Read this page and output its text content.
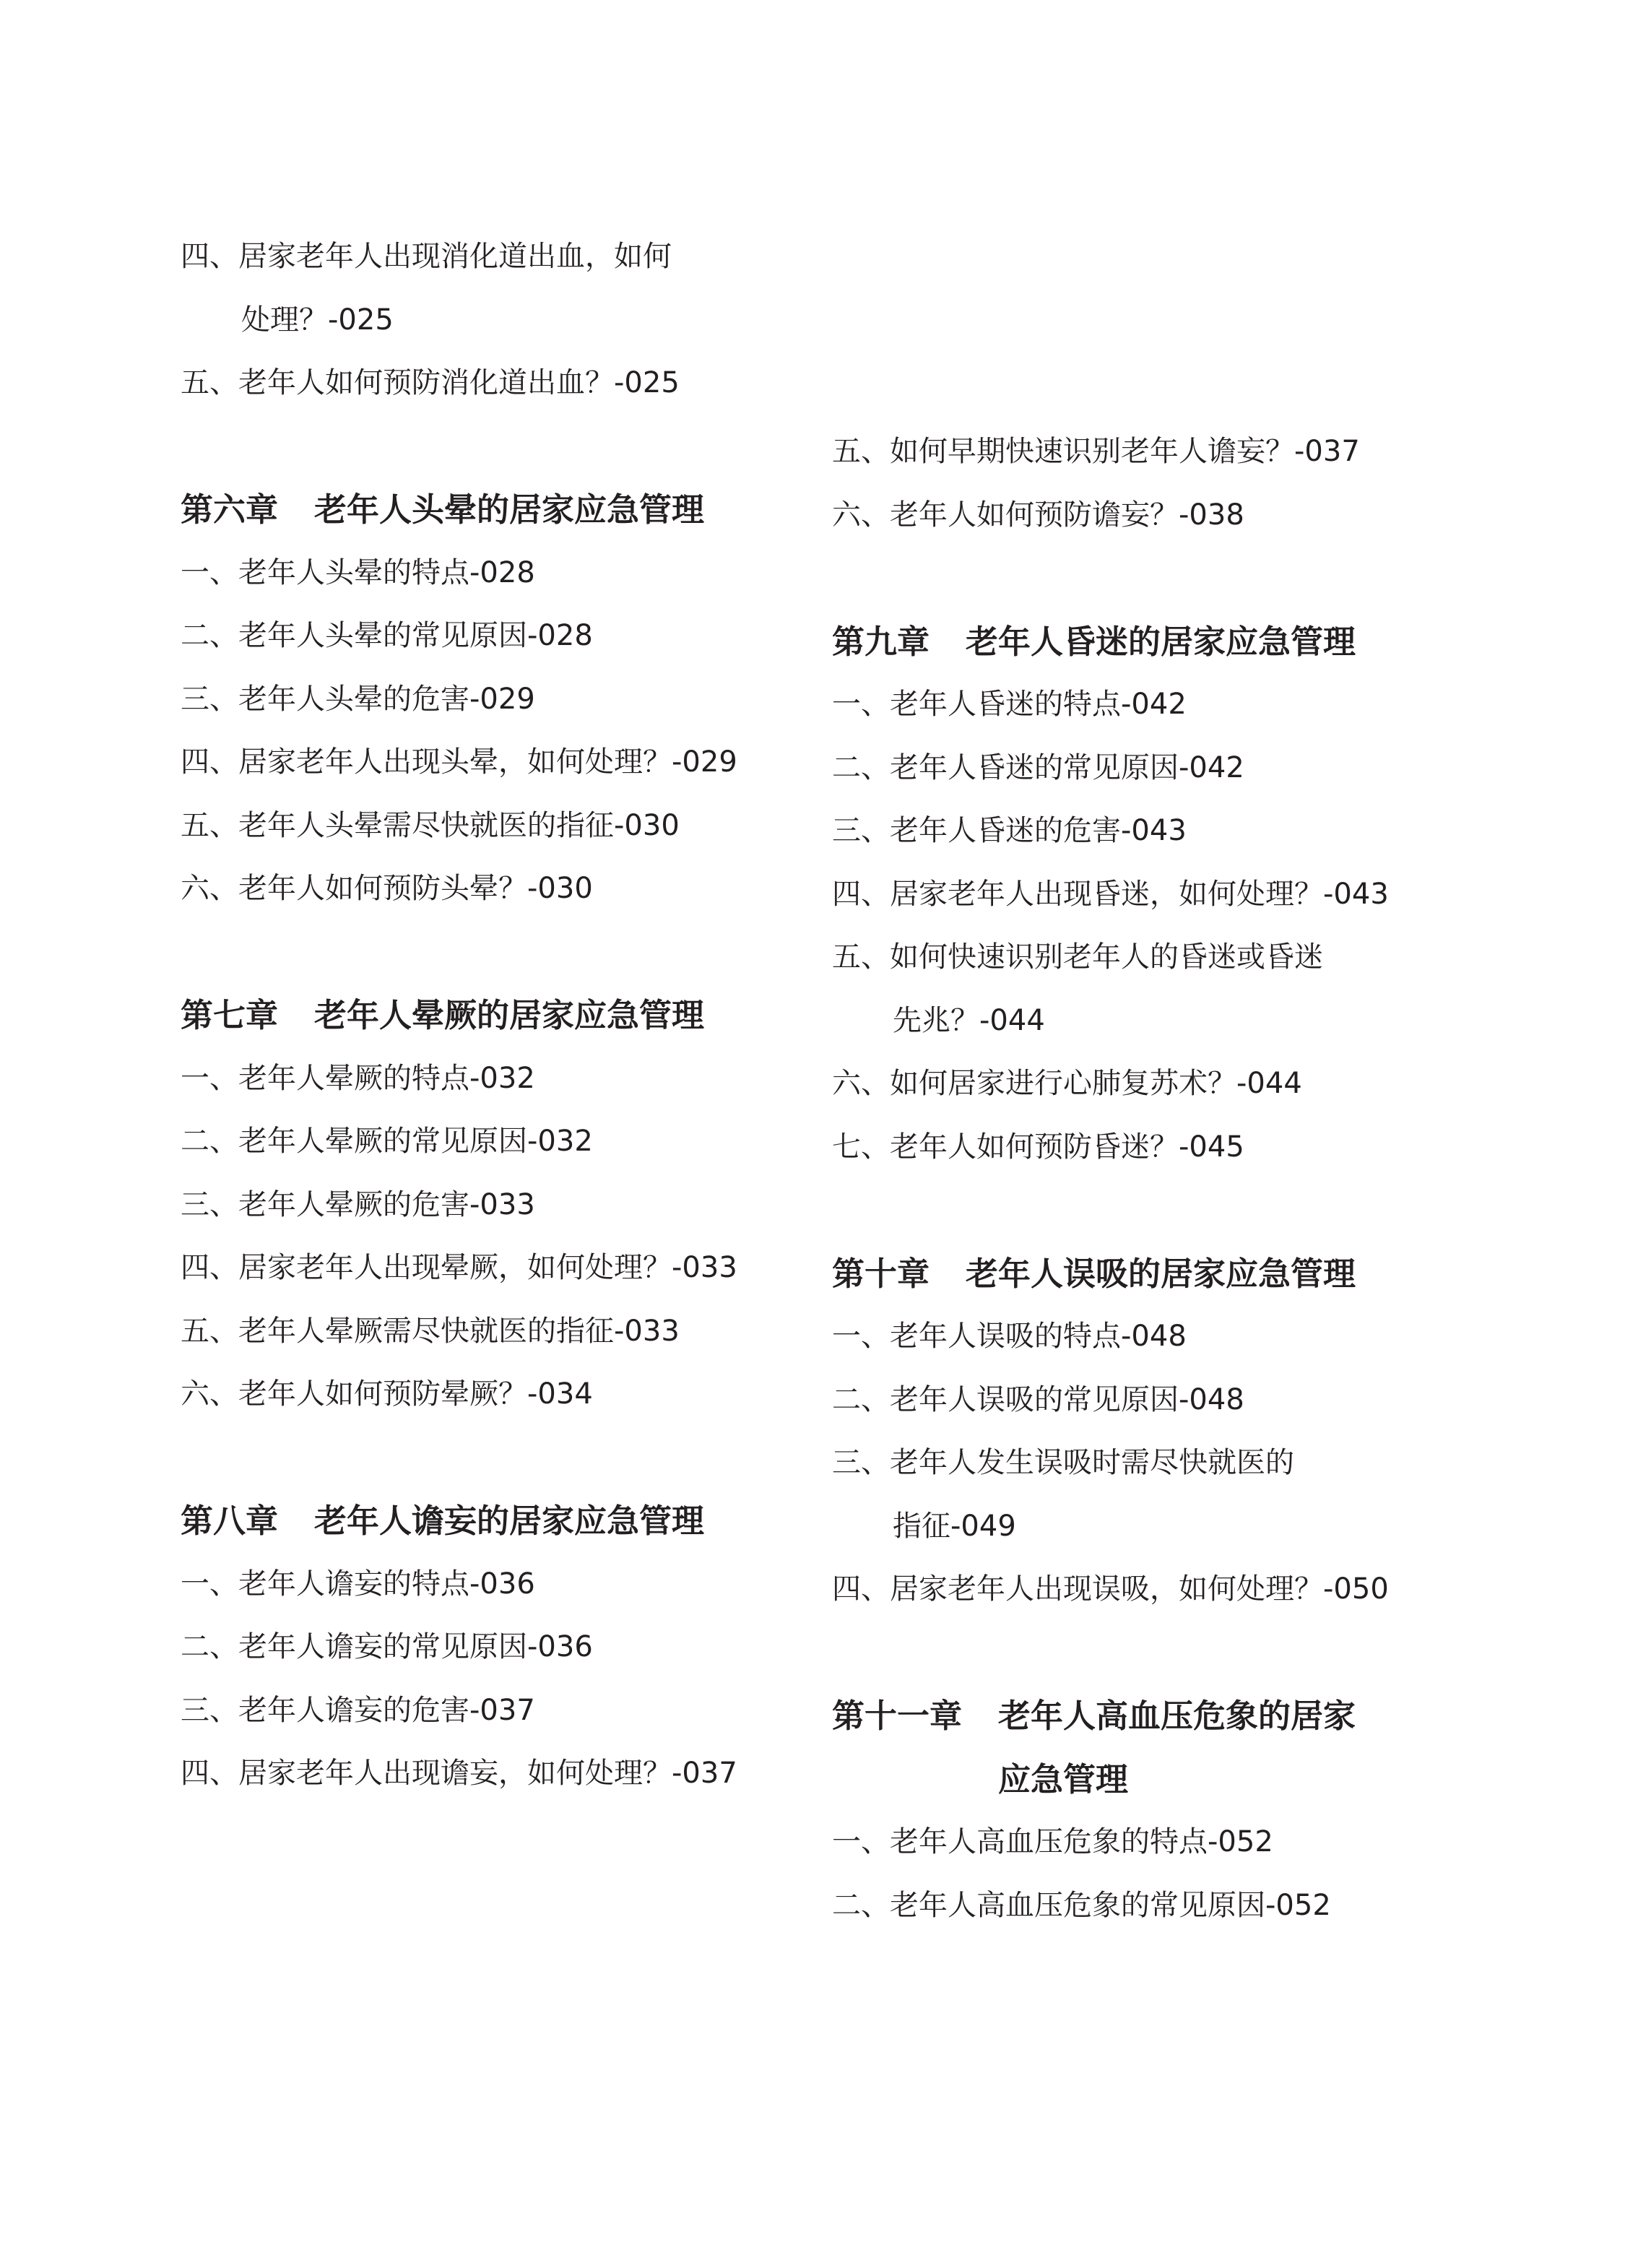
四、居家老年人出现消化道出血，如何
处理？-025
五、老年人如何预防消化道出血？-025
第六章 老年人头晕的居家应急管理
一、老年人头晕的特点-028
二、老年人头晕的常见原因-028
三、老年人头晕的危害-029
四、居家老年人出现头晕，如何处理？-029
五、老年人头晕需尽快就医的指征-030
六、老年人如何预防头晕？-030
第七章 老年人晕厥的居家应急管理
一、老年人晕厥的特点-032
二、老年人晕厥的常见原因-032
三、老年人晕厥的危害-033
四、居家老年人出现晕厥，如何处理？-033
五、老年人晕厥需尽快就医的指征-033
六、老年人如何预防晕厥？-034
第八章 老年人谵妄的居家应急管理
一、老年人谵妄的特点-036
二、老年人谵妄的常见原因-036
三、老年人谵妄的危害-037
四、居家老年人出现谵妄，如何处理？-037
五、如何早期快速识别老年人谵妄？-037
六、老年人如何预防谵妄？-038
第九章 老年人昏迷的居家应急管理
一、老年人昏迷的特点-042
二、老年人昏迷的常见原因-042
三、老年人昏迷的危害-043
四、居家老年人出现昏迷，如何处理？-043
五、如何快速识别老年人的昏迷或昏迷
先兆？-044
六、如何居家进行心肺复苏术？-044
七、老年人如何预防昏迷？-045
第十章 老年人误吸的居家应急管理
一、老年人误吸的特点-048
二、老年人误吸的常见原因-048
三、老年人发生误吸时需尽快就医的
指征-049
四、居家老年人出现误吸，如何处理？-050
第十一章 老年人高血压危象的居家
应急管理
一、老年人高血压危象的特点-052
二、老年人高血压危象的常见原因-052
